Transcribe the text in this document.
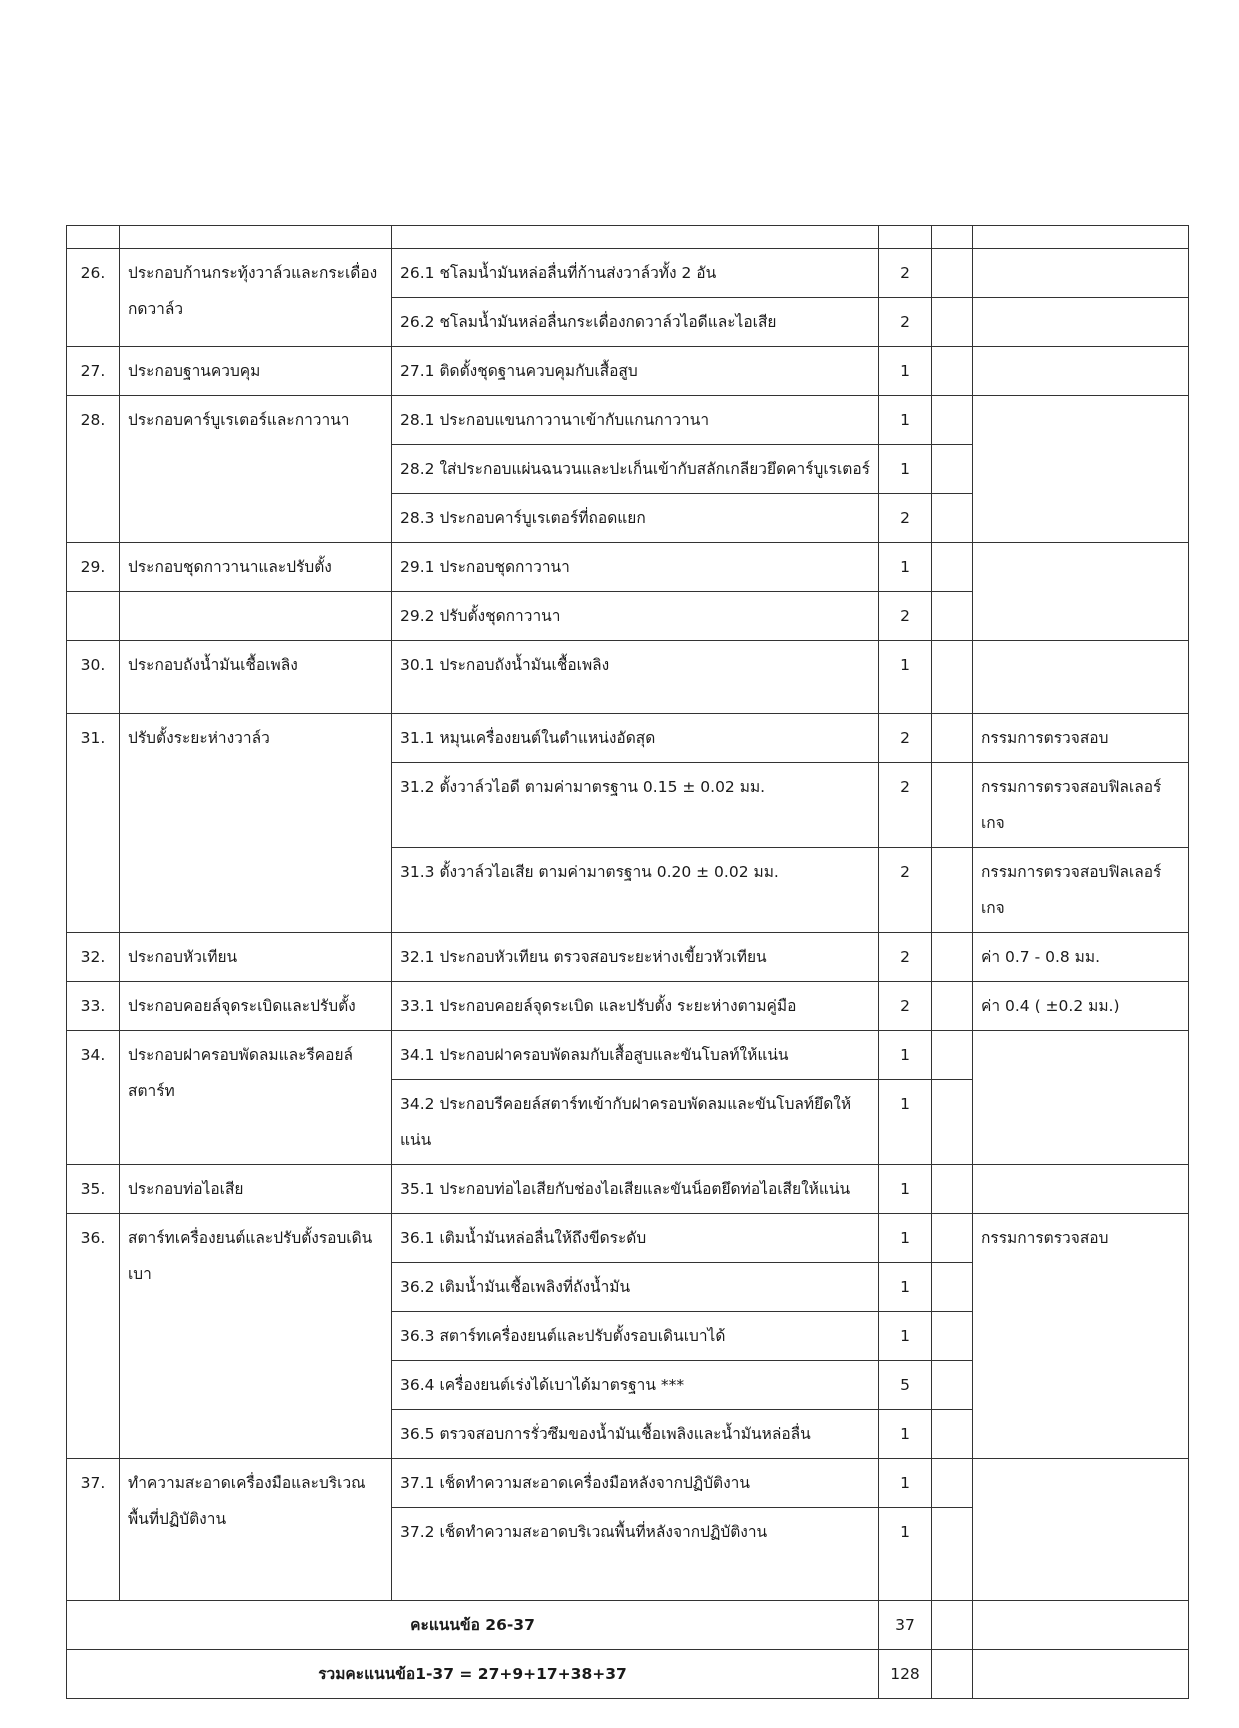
26.	ประกอบก้านกระทุ้งวาล์วและกระเดื่องกดวาล์ว	26.1 ชโลมน้ำมันหล่อลื่นที่ก้านส่งวาล์วทั้ง 2 อัน	2		
		26.2 ชโลมน้ำมันหล่อลื่นกระเดื่องกดวาล์วไอดีและไอเสีย	2		
27.	ประกอบฐานควบคุม	27.1 ติดตั้งชุดฐานควบคุมกับเสื้อสูบ	1		
28.	ประกอบคาร์บูเรเตอร์และกาวานา	28.1 ประกอบแขนกาวานาเข้ากับแกนกาวานา	1		
		28.2 ใส่ประกอบแผ่นฉนวนและปะเก็นเข้ากับสลักเกลียวยึดคาร์บูเรเตอร์	1		
		28.3 ประกอบคาร์บูเรเตอร์ที่ถอดแยก	2		
29.	ประกอบชุดกาวานาและปรับตั้ง	29.1 ประกอบชุดกาวานา	1		
		29.2 ปรับตั้งชุดกาวานา	2		
30.	ประกอบถังน้ำมันเชื้อเพลิง	30.1 ประกอบถังน้ำมันเชื้อเพลิง	1		
31.	ปรับตั้งระยะห่างวาล์ว	31.1 หมุนเครื่องยนต์ในตำแหน่งอัดสุด	2		กรรมการตรวจสอบ
		31.2 ตั้งวาล์วไอดี ตามค่ามาตรฐาน 0.15 ± 0.02 มม.	2		กรรมการตรวจสอบฟิลเลอร์เกจ
		31.3 ตั้งวาล์วไอเสีย ตามค่ามาตรฐาน 0.20 ± 0.02 มม.	2		กรรมการตรวจสอบฟิลเลอร์เกจ
32.	ประกอบหัวเทียน	32.1 ประกอบหัวเทียน ตรวจสอบระยะห่างเขี้ยวหัวเทียน	2		ค่า 0.7 - 0.8 มม.
33.	ประกอบคอยล์จุดระเบิดและปรับตั้ง	33.1 ประกอบคอยล์จุดระเบิด และปรับตั้ง ระยะห่างตามคู่มือ	2		ค่า 0.4 ( ±0.2 มม.)
34.	ประกอบฝาครอบพัดลมและรีคอยล์สตาร์ท	34.1 ประกอบฝาครอบพัดลมกับเสื้อสูบและขันโบลท์ให้แน่น	1		
		34.2 ประกอบรีคอยล์สตาร์ทเข้ากับฝาครอบพัดลมและขันโบลท์ยึดให้แน่น	1		
35.	ประกอบท่อไอเสีย	35.1 ประกอบท่อไอเสียกับช่องไอเสียและขันน็อตยึดท่อไอเสียให้แน่น	1		
36.	สตาร์ทเครื่องยนต์และปรับตั้งรอบเดินเบา	36.1 เติมน้ำมันหล่อลื่นให้ถึงขีดระดับ	1		กรรมการตรวจสอบ
		36.2 เติมน้ำมันเชื้อเพลิงที่ถังน้ำมัน	1		
		36.3 สตาร์ทเครื่องยนต์และปรับตั้งรอบเดินเบาได้	1		
		36.4 เครื่องยนต์เร่งได้เบาได้มาตรฐาน ***	5		
		36.5 ตรวจสอบการรั่วซึมของน้ำมันเชื้อเพลิงและน้ำมันหล่อลื่น	1		
37.	ทำความสะอาดเครื่องมือและบริเวณพื้นที่ปฏิบัติงาน	37.1 เช็ดทำความสะอาดเครื่องมือหลังจากปฏิบัติงาน	1		
		37.2 เช็ดทำความสะอาดบริเวณพื้นที่หลังจากปฏิบัติงาน	1		
คะแนนข้อ 26-37			37		
รวมคะแนนข้อ1-37 = 27+9+17+38+37			128		
